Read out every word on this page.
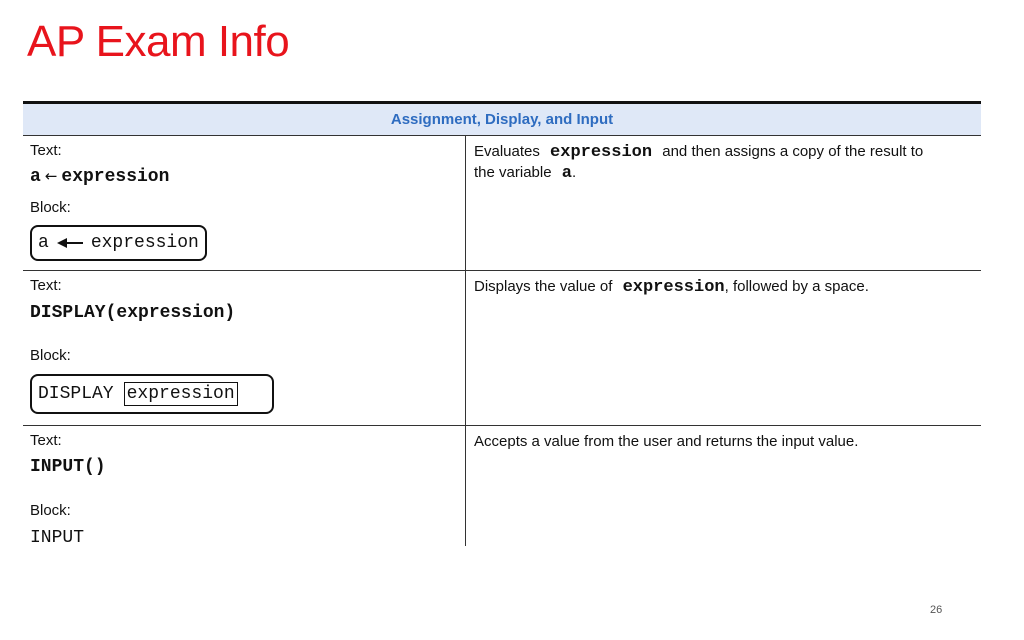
AP Exam Info
Assignment, Display, and Input
Text:
a ← expression
Block:
a expression
Evaluates expression and then assigns a copy of the result to
the variable a.
Text:
DISPLAY(expression)
Block:
DISPLAY expression
Displays the value of expression, followed by a space.
Text:
INPUT()
Block:
INPUT
Accepts a value from the user and returns the input value.
26
